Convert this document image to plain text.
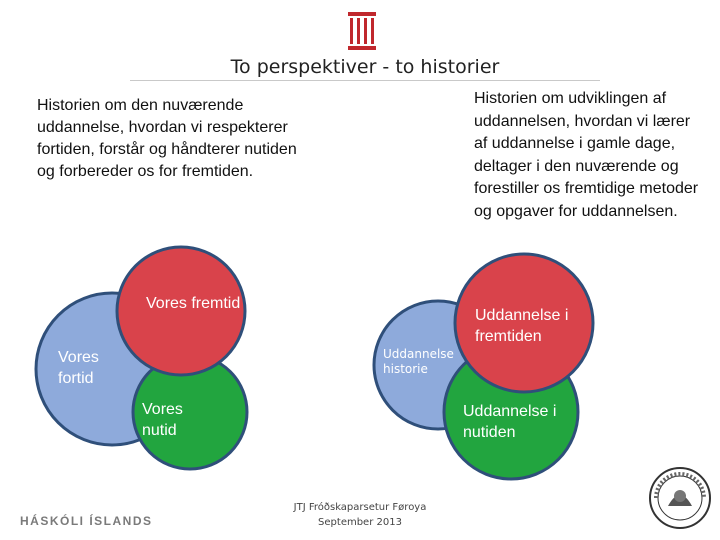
To perspektiver - to historier
Historien om den nuværende uddannelse, hvordan vi respekterer fortiden, forstår og håndterer nutiden og forbereder os for fremtiden.
Historien om udviklingen af uddannelsen, hvordan vi lærer af uddannelse i gamle dage, deltager i den nuværende og forestiller os fremtidige metoder og opgaver for uddannelsen.
Vores fremtid
Vores fortid
Vores nutid
Uddannelse historie
Uddannelse i fremtiden
Uddannelse i nutiden
HÁSKÓLI ÍSLANDS
JTJ Fróðskaparsetur Føroya
September 2013
